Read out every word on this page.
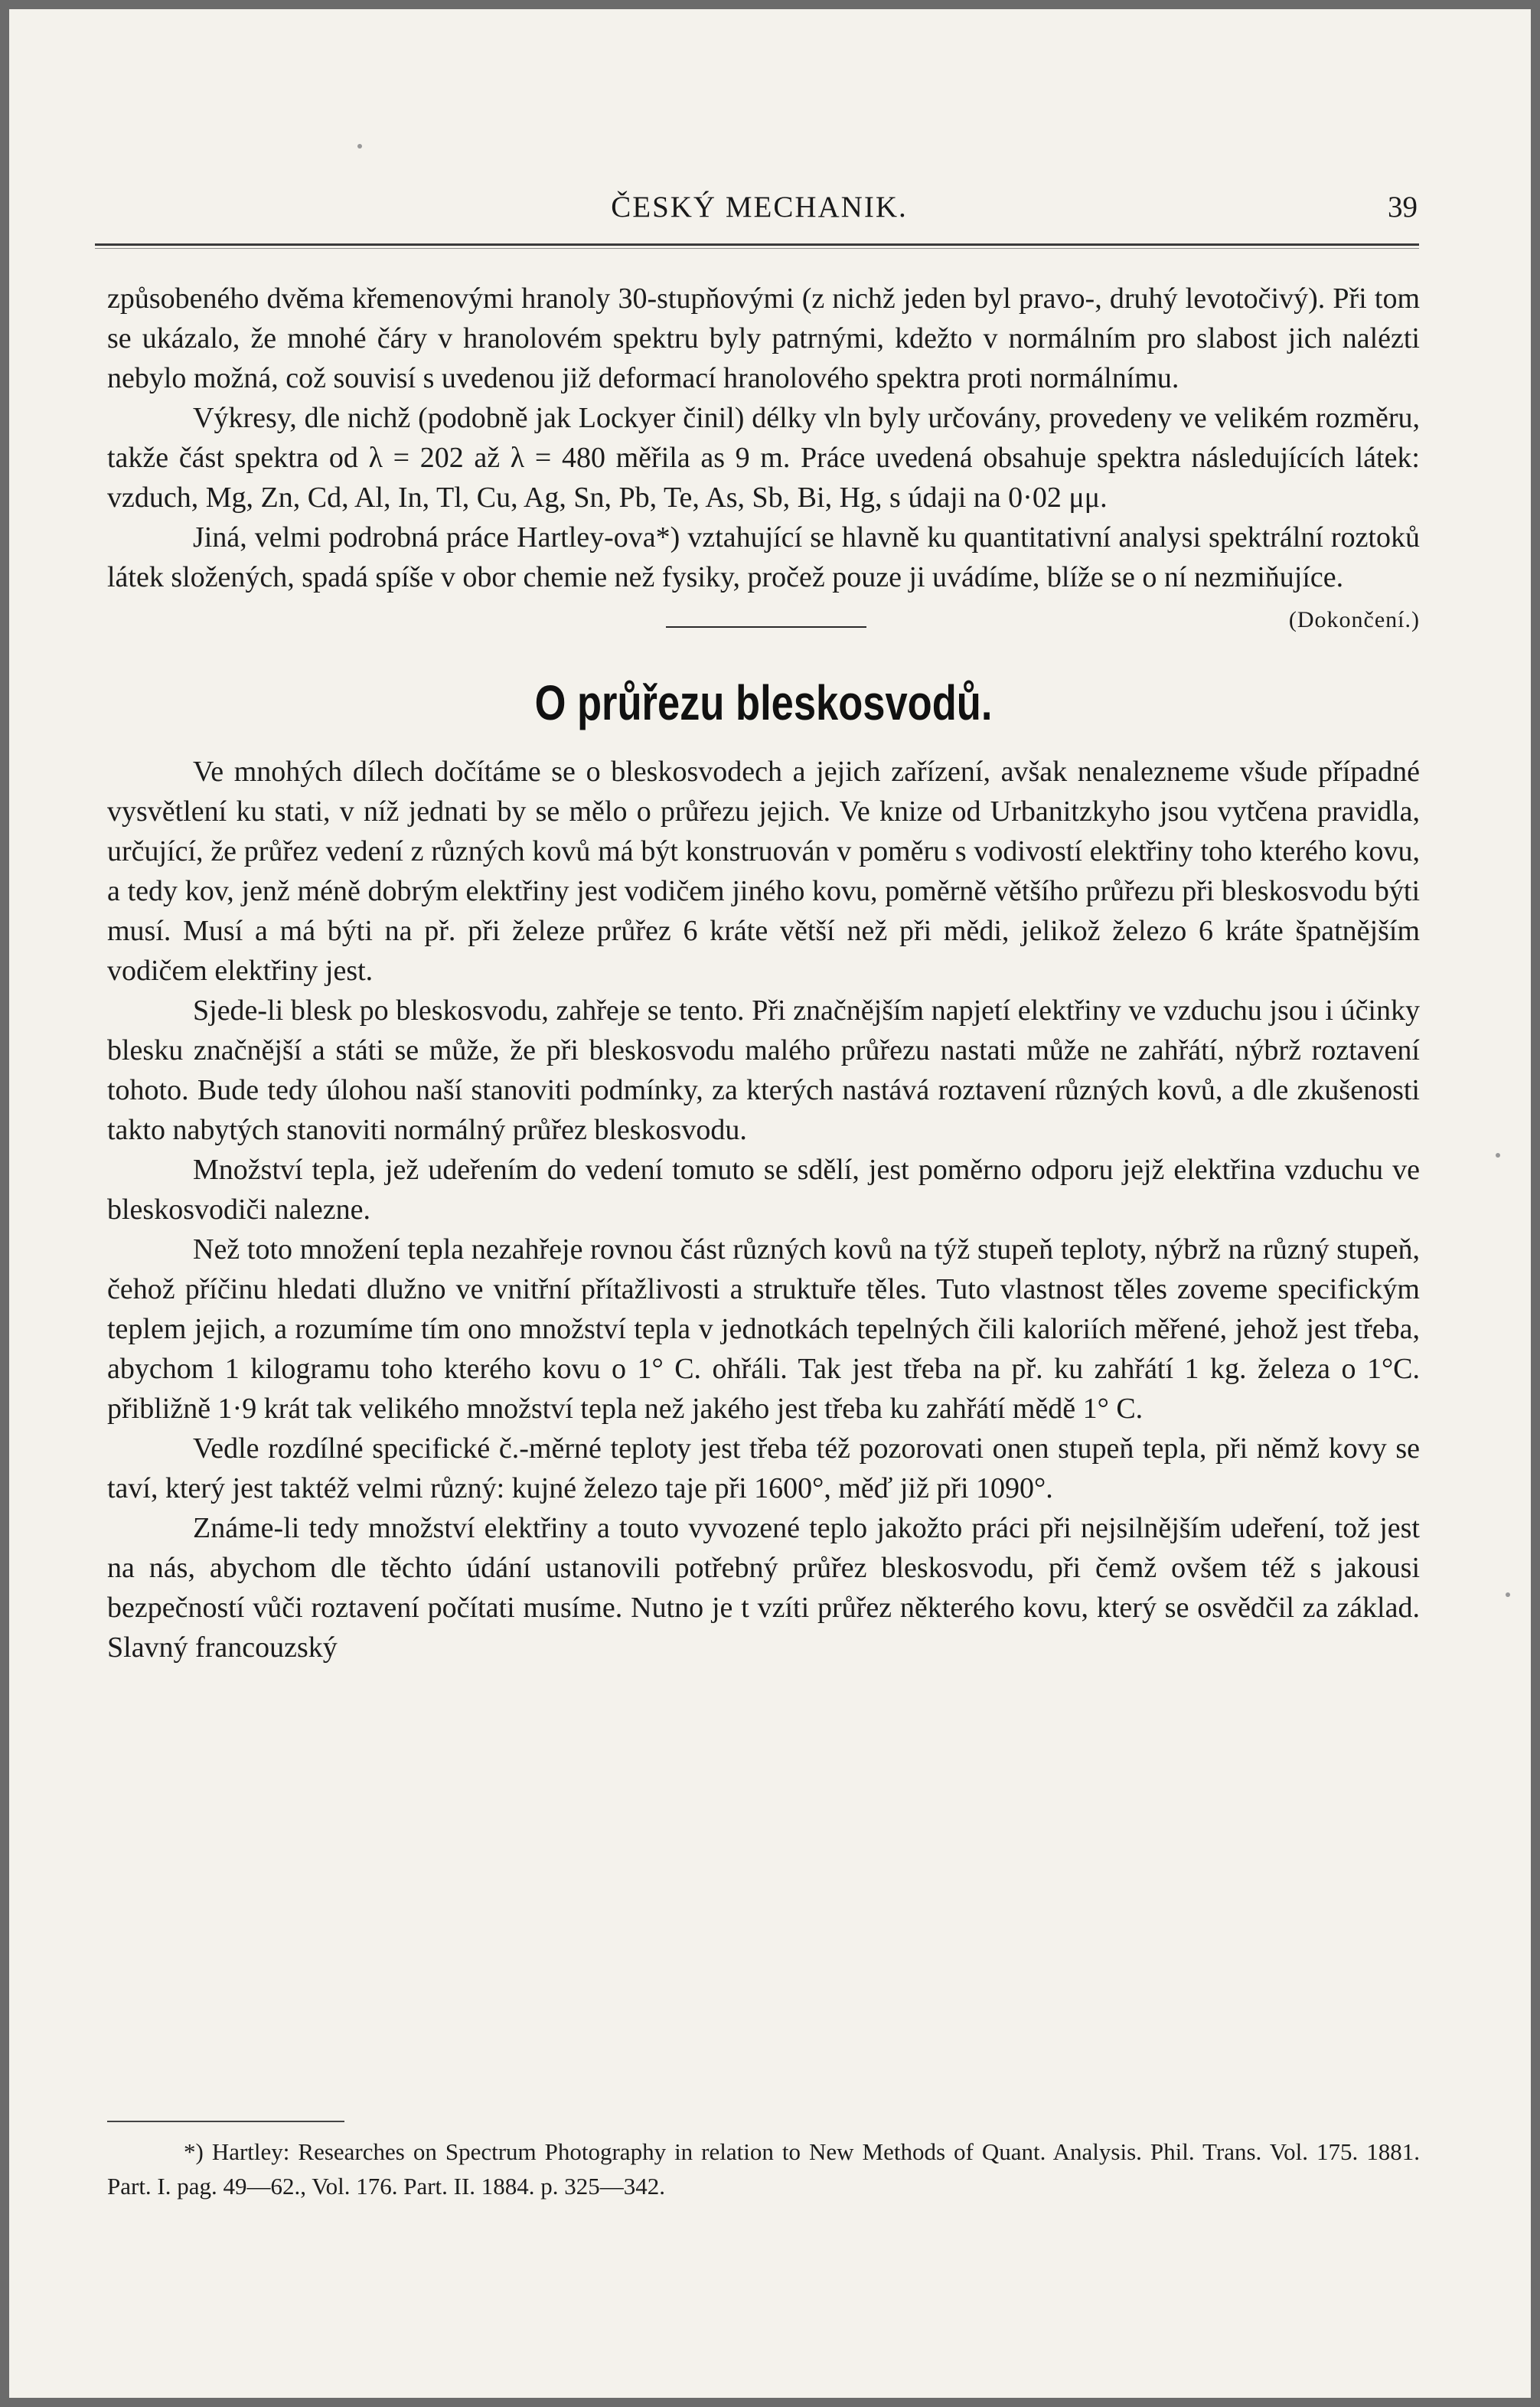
ČESKÝ MECHANIK.	39

způsobeného dvěma křemenovými hranoly 30-stupňovými (z nichž jeden byl pravo-, druhý levotočivý). Při tom se ukázalo, že mnohé čáry v hranolovém spektru byly patrnými, kdežto v normálním pro slabost jich nalézti nebylo možná, což souvisí s uvedenou již deformací hranolového spektra proti normálnímu.

Výkresy, dle nichž (podobně jak Lockyer činil) délky vln byly určovány, provedeny ve velikém rozměru, takže část spektra od λ = 202 až λ = 480 měřila as 9 m. Práce uvedená obsahuje spektra následujících látek: vzduch, Mg, Zn, Cd, Al, In, Tl, Cu, Ag, Sn, Pb, Te, As, Sb, Bi, Hg, s údaji na 0·02 μμ.

Jiná, velmi podrobná práce Hartley-ova*) vztahující se hlavně ku quantitativní analysi spektrální roztoků látek složených, spadá spíše v obor chemie než fysiky, pročež pouze ji uvádíme, blíže se o ní nezmiňujíce.
(Dokončení.)

O průřezu bleskosvodů.

Ve mnohých dílech dočítáme se o bleskosvodech a jejich zařízení, avšak nenalezneme všude případné vysvětlení ku stati, v níž jednati by se mělo o průřezu jejich. Ve knize od Urbanitzkyho jsou vytčena pravidla, určující, že průřez vedení z různých kovů má být konstruován v poměru s vodivostí elektřiny toho kterého kovu, a tedy kov, jenž méně dobrým elektřiny jest vodičem jiného kovu, poměrně většího průřezu při bleskosvodu býti musí. Musí a má býti na př. při železe průřez 6 kráte větší než při mědi, jelikož železo 6 kráte špatnějším vodičem elektřiny jest.

Sjede-li blesk po bleskosvodu, zahřeje se tento. Při značnějším napjetí elektřiny ve vzduchu jsou i účinky blesku značnější a státi se může, že při bleskosvodu malého průřezu nastati může ne zahřátí, nýbrž roztavení tohoto. Bude tedy úlohou naší stanoviti podmínky, za kterých nastává roztavení různých kovů, a dle zkušenosti takto nabytých stanoviti normálný průřez bleskosvodu.

Množství tepla, jež udeřením do vedení tomuto se sdělí, jest poměrno odporu jejž elektřina vzduchu ve bleskosvodiči nalezne.

Než toto množení tepla nezahřeje rovnou část různých kovů na týž stupeň teploty, nýbrž na různý stupeň, čehož příčinu hledati dlužno ve vnitřní přítažlivosti a struktuře těles. Tuto vlastnost těles zoveme specifickým teplem jejich, a rozumíme tím ono množství tepla v jednotkách tepelných čili kaloriích měřené, jehož jest třeba, abychom 1 kilogramu toho kterého kovu o 1° C. ohřáli. Tak jest třeba na př. ku zahřátí 1 kg. železa o 1°C. přibližně 1·9 krát tak velikého množství tepla než jakého jest třeba ku zahřátí mědě 1° C.

Vedle rozdílné specifické č.-měrné teploty jest třeba též pozorovati onen stupeň tepla, při němž kovy se taví, který jest taktéž velmi různý: kujné železo taje při 1600°, měď již při 1090°.

Známe-li tedy množství elektřiny a touto vyvozené teplo jakožto práci při nejsilnějším udeření, tož jest na nás, abychom dle těchto údání ustanovili potřebný průřez bleskosvodu, při čemž ovšem též s jakousi bezpečností vůči roztavení počítati musíme. Nutno je t vzíti průřez některého kovu, který se osvědčil za základ. Slavný francouzský

*) Hartley: Researches on Spectrum Photography in relation to New Methods of Quant. Analysis. Phil. Trans. Vol. 175. 1881. Part. I. pag. 49—62., Vol. 176. Part. II. 1884. p. 325—342.
